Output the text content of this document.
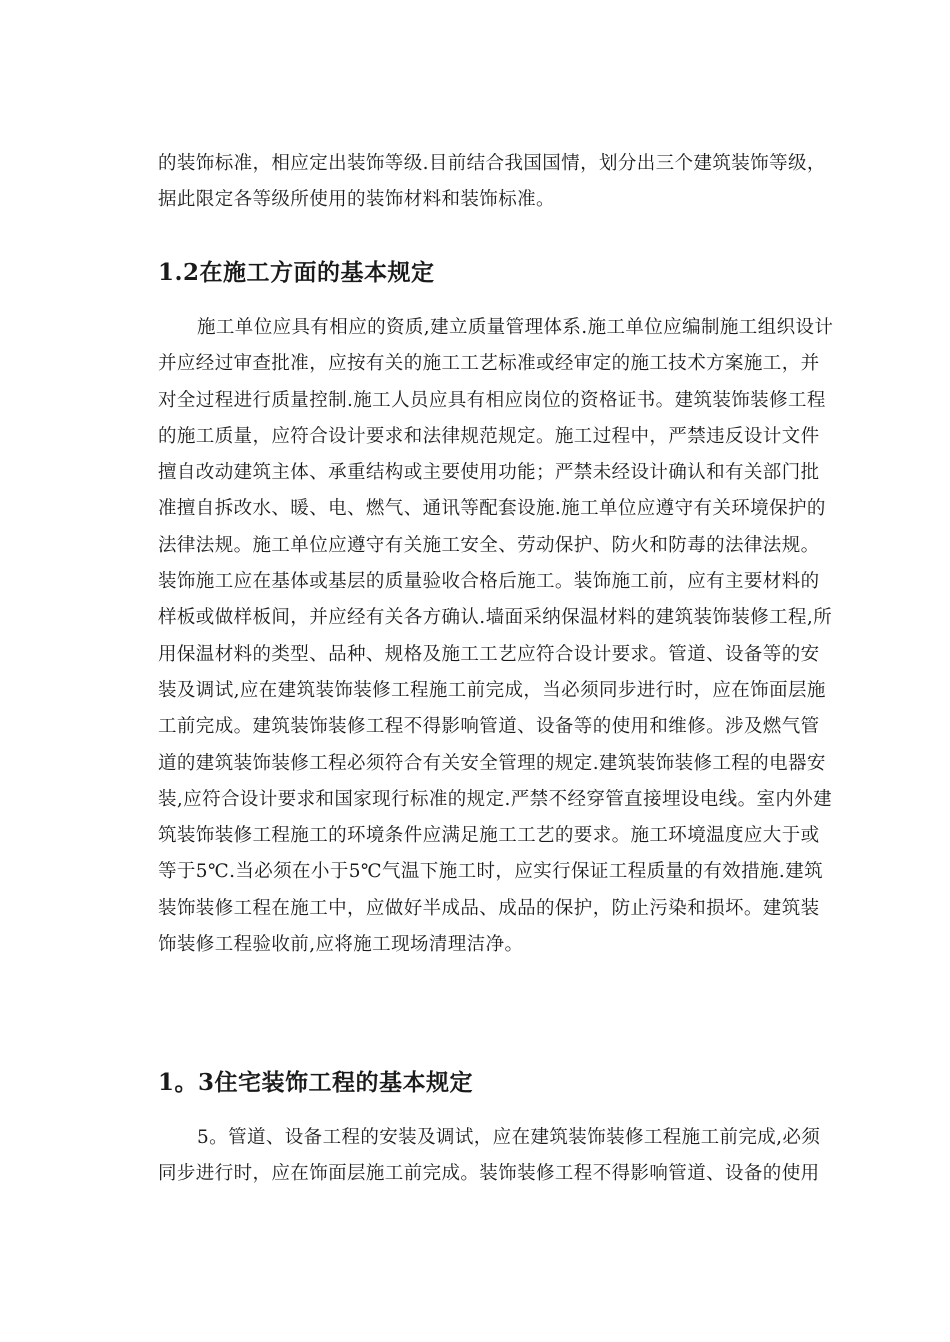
的装饰标准，相应定出装饰等级.目前结合我国国情，划分出三个建筑装饰等级，
据此限定各等级所使用的装饰材料和装饰标准。
1.2在施工方面的基本规定
施工单位应具有相应的资质,建立质量管理体系.施工单位应编制施工组织设计
并应经过审查批准，应按有关的施工工艺标准或经审定的施工技术方案施工，并
对全过程进行质量控制.施工人员应具有相应岗位的资格证书。建筑装饰装修工程
的施工质量，应符合设计要求和法律规范规定。施工过程中，严禁违反设计文件
擅自改动建筑主体、承重结构或主要使用功能；严禁未经设计确认和有关部门批
准擅自拆改水、暖、电、燃气、通讯等配套设施.施工单位应遵守有关环境保护的
法律法规。施工单位应遵守有关施工安全、劳动保护、防火和防毒的法律法规。
装饰施工应在基体或基层的质量验收合格后施工。装饰施工前，应有主要材料的
样板或做样板间，并应经有关各方确认.墙面采纳保温材料的建筑装饰装修工程,所
用保温材料的类型、品种、规格及施工工艺应符合设计要求。管道、设备等的安
装及调试,应在建筑装饰装修工程施工前完成，当必须同步进行时，应在饰面层施
工前完成。建筑装饰装修工程不得影响管道、设备等的使用和维修。涉及燃气管
道的建筑装饰装修工程必须符合有关安全管理的规定.建筑装饰装修工程的电器安
装,应符合设计要求和国家现行标准的规定.严禁不经穿管直接埋设电线。室内外建
筑装饰装修工程施工的环境条件应满足施工工艺的要求。施工环境温度应大于或
等于5℃.当必须在小于5℃气温下施工时，应实行保证工程质量的有效措施.建筑
装饰装修工程在施工中，应做好半成品、成品的保护，防止污染和损坏。建筑装
饰装修工程验收前,应将施工现场清理洁净。
1。3住宅装饰工程的基本规定
5。管道、设备工程的安装及调试，应在建筑装饰装修工程施工前完成,必须
同步进行时，应在饰面层施工前完成。装饰装修工程不得影响管道、设备的使用
